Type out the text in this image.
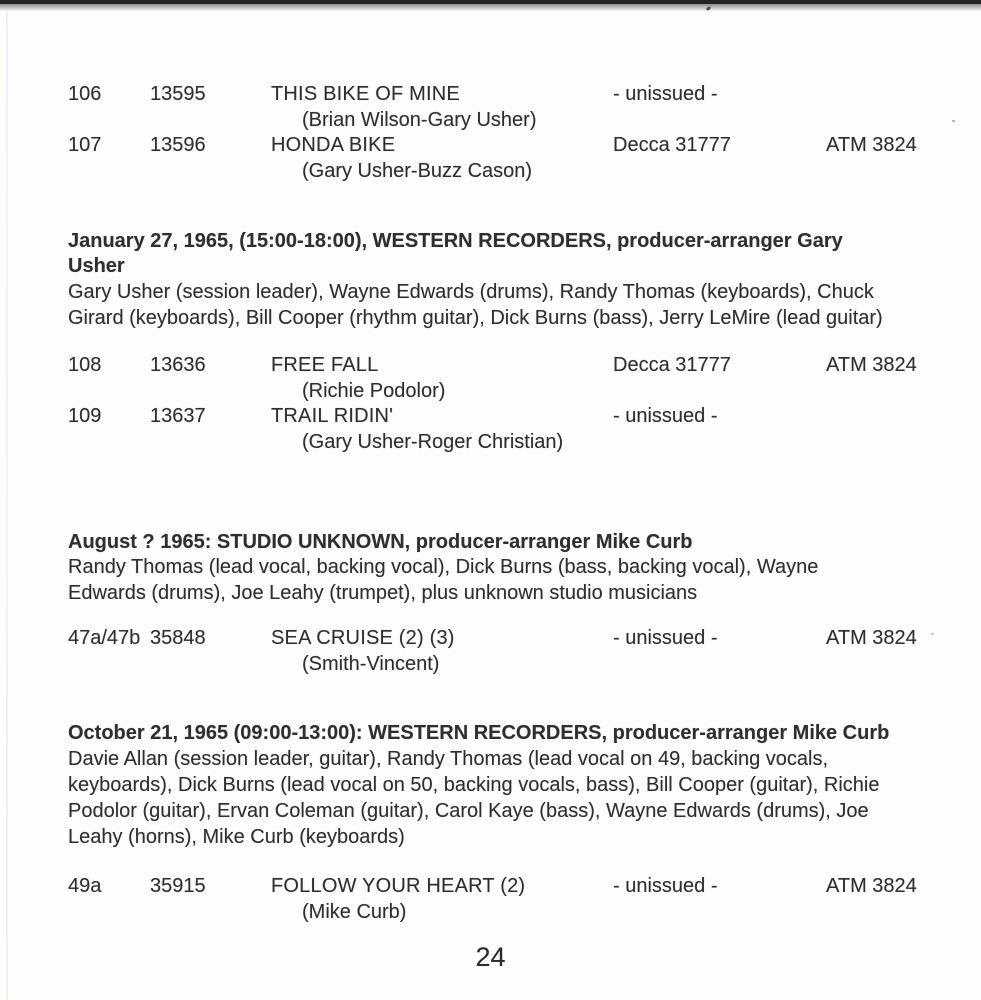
106 13595	THIS BIKE OF MINE	- unissued -
(Brian Wilson-Gary Usher)
107 13596	HONDA BIKE	Decca 31777	ATM 3824
(Gary Usher-Buzz Cason)
January 27, 1965, (15:00-18:00), WESTERN RECORDERS, producer-arranger Gary
Usher
Gary Usher (session leader), Wayne Edwards (drums), Randy Thomas (keyboards), Chuck
Girard (keyboards), Bill Cooper (rhythm guitar), Dick Burns (bass), Jerry LeMire (lead guitar)
108 13636	FREE FALL	Decca 31777	ATM 3824
(Richie Podolor)
109 13637	TRAIL RIDIN'	- unissued -
(Gary Usher-Roger Christian)
August ? 1965: STUDIO UNKNOWN, producer-arranger Mike Curb
Randy Thomas (lead vocal, backing vocal), Dick Burns (bass, backing vocal), Wayne
Edwards (drums), Joe Leahy (trumpet), plus unknown studio musicians
47a/47b 35848	SEA CRUISE (2) (3)	- unissued -	ATM 3824
(Smith-Vincent)
October 21, 1965 (09:00-13:00): WESTERN RECORDERS, producer-arranger Mike Curb
Davie Allan (session leader, guitar), Randy Thomas (lead vocal on 49, backing vocals,
keyboards), Dick Burns (lead vocal on 50, backing vocals, bass), Bill Cooper (guitar), Richie
Podolor (guitar), Ervan Coleman (guitar), Carol Kaye (bass), Wayne Edwards (drums), Joe
Leahy (horns), Mike Curb (keyboards)
49a 35915	FOLLOW YOUR HEART (2)	- unissued -	ATM 3824
(Mike Curb)
24
